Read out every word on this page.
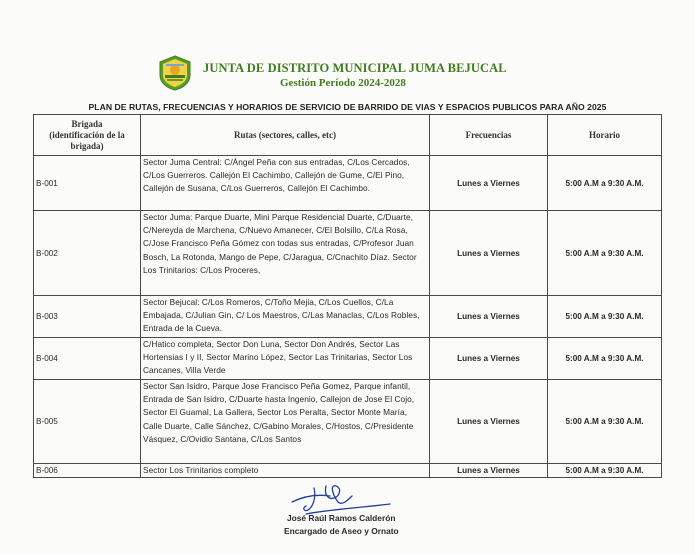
JUNTA DE DISTRITO MUNICIPAL JUMA BEJUCAL
Gestión Período 2024-2028
PLAN DE RUTAS, FRECUENCIAS Y HORARIOS DE SERVICIO DE BARRIDO DE VIAS Y ESPACIOS PUBLICOS PARA AÑO 2025
Brigada
(identificación de la
brigada)	Rutas (sectores, calles, etc)	Frecuencias	Horario
B-001	Sector Juma Central: C/Ángel Peña con sus entradas, C/Los Cercados, C/Los Guerreros. Callejón El Cachimbo, Callejón de Gume, C/El Pino, Callejón de Susana, C/Los Guerreros, Callejón El Cachimbo.	Lunes a Viernes	5:00 A.M a 9:30 A.M.
B-002	Sector Juma: Parque Duarte, Mini Parque Residencial Duarte, C/Duarte, C/Nereyda de Marchena, C/Nuevo Amanecer, C/El Bolsillo, C/La Rosa, C/Jose Francisco Peña Gómez con todas sus entradas, C/Profesor Juan Bosch, La Rotonda, Mango de Pepe, C/Jaragua, C/Cnachito Díaz. Sector Los Trinitarios: C/Los Proceres,	Lunes a Viernes	5:00 A.M a 9:30 A.M.
B-003	Sector Bejucal: C/Los Romeros, C/Toño Mejia, C/Los Cuellos, C/La Embajada, C/Julian Gin, C/ Los Maestros, C/Las Manaclas, C/Los Robles, Entrada de la Cueva.	Lunes a Viernes	5:00 A.M a 9:30 A.M.
B-004	C/Hatico completa, Sector Don Luna, Sector Don Andrés, Sector Las Hortensias I y II, Sector Marino López, Sector Las Trinitarias, Sector Los Cancanes, Villa Verde	Lunes a Viernes	5:00 A.M a 9:30 A.M.
B-005	Sector San Isidro, Parque Jose Francisco Peña Gomez, Parque infantil, Entrada de San Isidro, C/Duarte hasta Ingenio, Callejon de Jose El Cojo, Sector El Guamal, La Gallera, Sector Los Peralta, Sector Monte María, Calle Duarte, Calle Sánchez, C/Gabino Morales, C/Hostos, C/Presidente Vásquez, C/Ovidio Santana, C/Los Santos	Lunes a Viernes	5:00 A.M a 9:30 A.M.
B-006	Sector Los Trinitarios completo	Lunes a Viernes	5:00 A.M a 9:30 A.M.
José Raúl Ramos Calderón
Encargado de Aseo y Ornato
